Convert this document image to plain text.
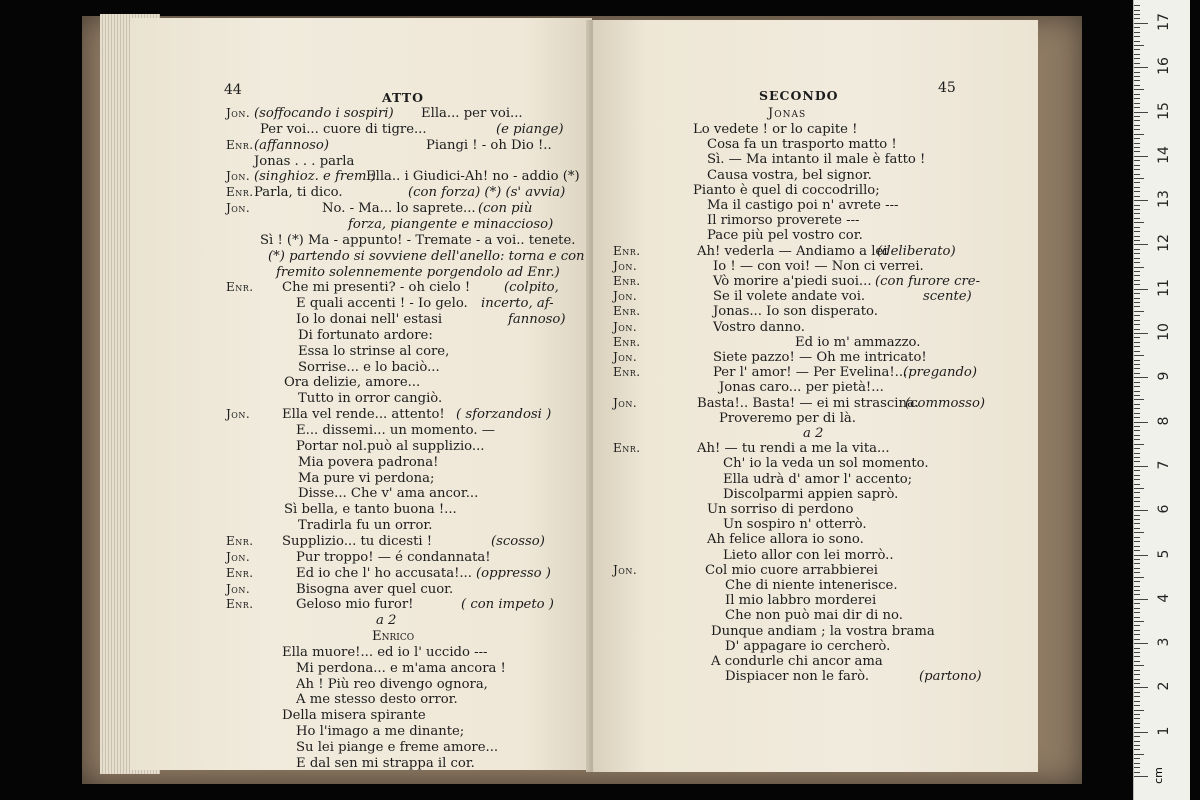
44	ATTO
Jon. (soffocando i sospiri) Ella... per voi...
Per voi... cuore di tigre...	(e piange)
Enr. (affannoso)	Piangi ! - oh Dio !..
Jonas . . . parla
Jon. (singhioz. e frem.)
Ella.. i Giudici-Ah! no - addio (*)
Enr. Parla, ti dico.	(con forza) (*) (s' avvia)
Jon.	No. - Ma... lo saprete... (con più
forza, piangente e minaccioso)
Sì ! (*) Ma - appunto! - Tremate - a voi.. tenete.
(*) partendo si sovviene dell'anello: torna e con
fremito solennemente porgendolo ad Enr.)
Enr. Che mi presenti? - oh cielo !	(colpito,
E quali accenti ! - Io gelo. incerto, af-
Io lo donai nell' estasi	fannoso)
Di fortunato ardore:
Essa lo strinse al core,
Sorrise... e lo baciò...
Ora delizie, amore...
Tutto in orror cangiò.
Jon. Ella vel rende... attento! ( sforzandosi )
E... dissemi... un momento. —
Portar nol.può al supplizio...
Mia povera padrona!
Ma pure vi perdona;
Disse... Che v' ama ancor...
Sì bella, e tanto buona !...
Tradirla fu un orror.
Enr. Supplizio... tu dicesti !	(scosso)
Jon.	Pur troppo! — é condannata!
Enr.	Ed io che l' ho accusata!... (oppresso )
Jon.	Bisogna aver quel cuor.
Enr.	Geloso mio furor!	( con impeto )
a 2
Enrico
Ella muore!... ed io l' uccido ---
Mi perdona... e m'ama ancora !
Ah ! Più reo divengo ognora,
A me stesso desto orror.
Della misera spirante
Ho l'imago a me dinante;
Su lei piange e freme amore...
E dal sen mi strappa il cor.
SECONDO	45
Jonas
Lo vedete ! or lo capite !
Cosa fa un trasporto matto !
Sì. — Ma intanto il male è fatto !
Causa vostra, bel signor.
Pianto è quel di coccodrillo;
Ma il castigo poi n' avrete ---
Il rimorso proverete ---
Pace più pel vostro cor.
Enr.	Ah! vederla — Andiamo a lei
(deliberato)
Jon.	Io ! — con voi! — Non ci verrei.
Enr.	Vò morire a'piedi suoi... (con furore cre-
Jon.	Se il volete andate voi.	scente)
Enr.	Jonas... Io son disperato.
Jon.	Vostro danno.
Enr.	Ed io m' ammazzo.
Jon.	Siete pazzo! — Oh me intricato!
Enr.	Per l' amor! — Per Evelina!...
(pregando)
Jonas caro... per pietà!...
Jon.	Basta!.. Basta! — ei mi strascina.
(commosso)
Proveremo per di là.
a 2
Enr.	Ah! — tu rendi a me la vita...
Ch' io la veda un sol momento.
Ella udrà d' amor l' accento;
Discolparmi appien saprò.
Un sorriso di perdono
Un sospiro n' otterrò.
Ah felice allora io sono.
Lieto allor con lei morrò..
Jon.	Col mio cuore arrabbierei
Che di niente intenerisce.
Il mio labbro morderei
Che non può mai dir di no.
Dunque andiam ; la vostra brama
D' appagare io cercherò.
A condurle chi ancor ama
Dispiacer non le farò.	(partono)
cm
1
2
3
4
5
6
7
8
9
10
11
12
13
14
15
16
17
